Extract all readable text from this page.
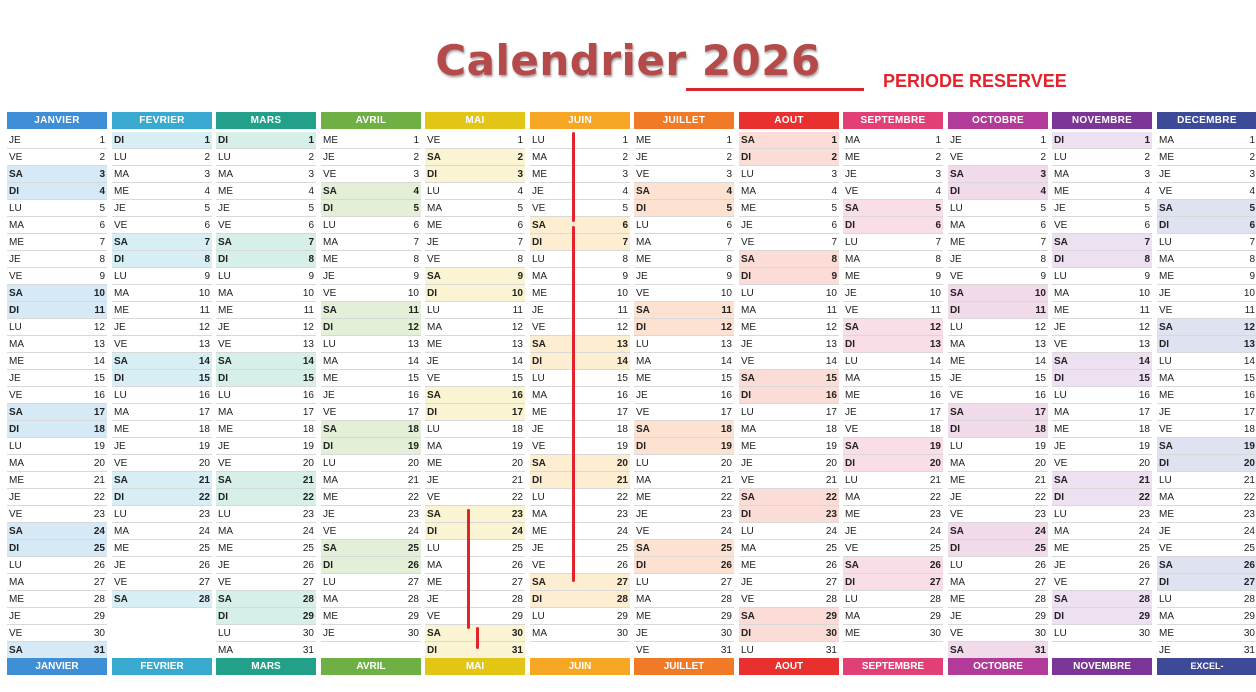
Calendrier 2026	PERIODE RESERVEE
JANVIER
JE	1
VE	2
SA	3
DI	4
LU	5
MA	6
ME	7
JE	8
VE	9
SA	10
DI	11
LU	12
MA	13
ME	14
JE	15
VE	16
SA	17
DI	18
LU	19
MA	20
ME	21
JE	22
VE	23
SA	24
DI	25
LU	26
MA	27
ME	28
JE	29
VE	30
SA	31
JANVIER
FEVRIER
DI	1
LU	2
MA	3
ME	4
JE	5
VE	6
SA	7
DI	8
LU	9
MA	10
ME	11
JE	12
VE	13
SA	14
DI	15
LU	16
MA	17
ME	18
JE	19
VE	20
SA	21
DI	22
LU	23
MA	24
ME	25
JE	26
VE	27
SA	28
FEVRIER
MARS
DI	1
LU	2
MA	3
ME	4
JE	5
VE	6
SA	7
DI	8
LU	9
MA	10
ME	11
JE	12
VE	13
SA	14
DI	15
LU	16
MA	17
ME	18
JE	19
VE	20
SA	21
DI	22
LU	23
MA	24
ME	25
JE	26
VE	27
SA	28
DI	29
LU	30
MA	31
MARS
AVRIL
ME	1
JE	2
VE	3
SA	4
DI	5
LU	6
MA	7
ME	8
JE	9
VE	10
SA	11
DI	12
LU	13
MA	14
ME	15
JE	16
VE	17
SA	18
DI	19
LU	20
MA	21
ME	22
JE	23
VE	24
SA	25
DI	26
LU	27
MA	28
ME	29
JE	30
AVRIL
MAI
VE	1
SA	2
DI	3
LU	4
MA	5
ME	6
JE	7
VE	8
SA	9
DI	10
LU	11
MA	12
ME	13
JE	14
VE	15
SA	16
DI	17
LU	18
MA	19
ME	20
JE	21
VE	22
SA	23
DI	24
LU	25
MA	26
ME	27
JE	28
VE	29
SA	30
DI	31
MAI
JUIN
LU	1
MA	2
ME	3
JE	4
VE	5
SA	6
DI	7
LU	8
MA	9
ME	10
JE	11
VE	12
SA	13
DI	14
LU	15
MA	16
ME	17
JE	18
VE	19
SA	20
DI	21
LU	22
MA	23
ME	24
JE	25
VE	26
SA	27
DI	28
LU	29
MA	30
JUIN
JUILLET
ME	1
JE	2
VE	3
SA	4
DI	5
LU	6
MA	7
ME	8
JE	9
VE	10
SA	11
DI	12
LU	13
MA	14
ME	15
JE	16
VE	17
SA	18
DI	19
LU	20
MA	21
ME	22
JE	23
VE	24
SA	25
DI	26
LU	27
MA	28
ME	29
JE	30
VE	31
JUILLET
AOUT
SA	1
DI	2
LU	3
MA	4
ME	5
JE	6
VE	7
SA	8
DI	9
LU	10
MA	11
ME	12
JE	13
VE	14
SA	15
DI	16
LU	17
MA	18
ME	19
JE	20
VE	21
SA	22
DI	23
LU	24
MA	25
ME	26
JE	27
VE	28
SA	29
DI	30
LU	31
AOUT
SEPTEMBRE
MA	1
ME	2
JE	3
VE	4
SA	5
DI	6
LU	7
MA	8
ME	9
JE	10
VE	11
SA	12
DI	13
LU	14
MA	15
ME	16
JE	17
VE	18
SA	19
DI	20
LU	21
MA	22
ME	23
JE	24
VE	25
SA	26
DI	27
LU	28
MA	29
ME	30
SEPTEMBRE
OCTOBRE
JE	1
VE	2
SA	3
DI	4
LU	5
MA	6
ME	7
JE	8
VE	9
SA	10
DI	11
LU	12
MA	13
ME	14
JE	15
VE	16
SA	17
DI	18
LU	19
MA	20
ME	21
JE	22
VE	23
SA	24
DI	25
LU	26
MA	27
ME	28
JE	29
VE	30
SA	31
OCTOBRE
NOVEMBRE
DI	1
LU	2
MA	3
ME	4
JE	5
VE	6
SA	7
DI	8
LU	9
MA	10
ME	11
JE	12
VE	13
SA	14
DI	15
LU	16
MA	17
ME	18
JE	19
VE	20
SA	21
DI	22
LU	23
MA	24
ME	25
JE	26
VE	27
SA	28
DI	29
LU	30
NOVEMBRE
DECEMBRE
MA	1
ME	2
JE	3
VE	4
SA	5
DI	6
LU	7
MA	8
ME	9
JE	10
VE	11
SA	12
DI	13
LU	14
MA	15
ME	16
JE	17
VE	18
SA	19
DI	20
LU	21
MA	22
ME	23
JE	24
VE	25
SA	26
DI	27
LU	28
MA	29
ME	30
JE	31
EXCEL-PRATIQUE.COM
